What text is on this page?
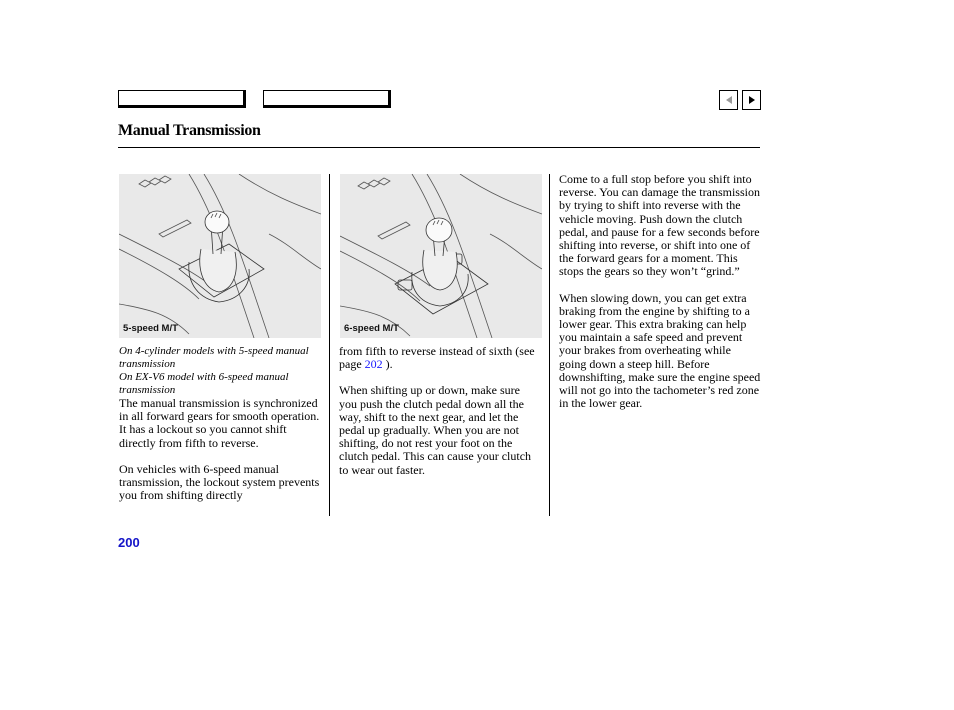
Manual Transmission
5-speed M/T	6-speed M/T

On 4-cylinder models with 5-speed manual transmission

On EX-V6 model with 6-speed manual transmission

The manual transmission is synchronized in all forward gears for smooth operation. It has a lockout so you cannot shift directly from fifth to reverse.

On vehicles with 6-speed manual transmission, the lockout system prevents you from shifting directly

from fifth to reverse instead of sixth (see page 202 ).

When shifting up or down, make sure you push the clutch pedal down all the way, shift to the next gear, and let the pedal up gradually. When you are not shifting, do not rest your foot on the clutch pedal. This can cause your clutch to wear out faster.

Come to a full stop before you shift into reverse. You can damage the transmission by trying to shift into reverse with the vehicle moving. Push down the clutch pedal, and pause for a few seconds before shifting into reverse, or shift into one of the forward gears for a moment. This stops the gears so they won’t “grind.”

When slowing down, you can get extra braking from the engine by shifting to a lower gear. This extra braking can help you maintain a safe speed and prevent your brakes from overheating while going down a steep hill. Before downshifting, make sure the engine speed will not go into the tachometer’s red zone in the lower gear.

200
